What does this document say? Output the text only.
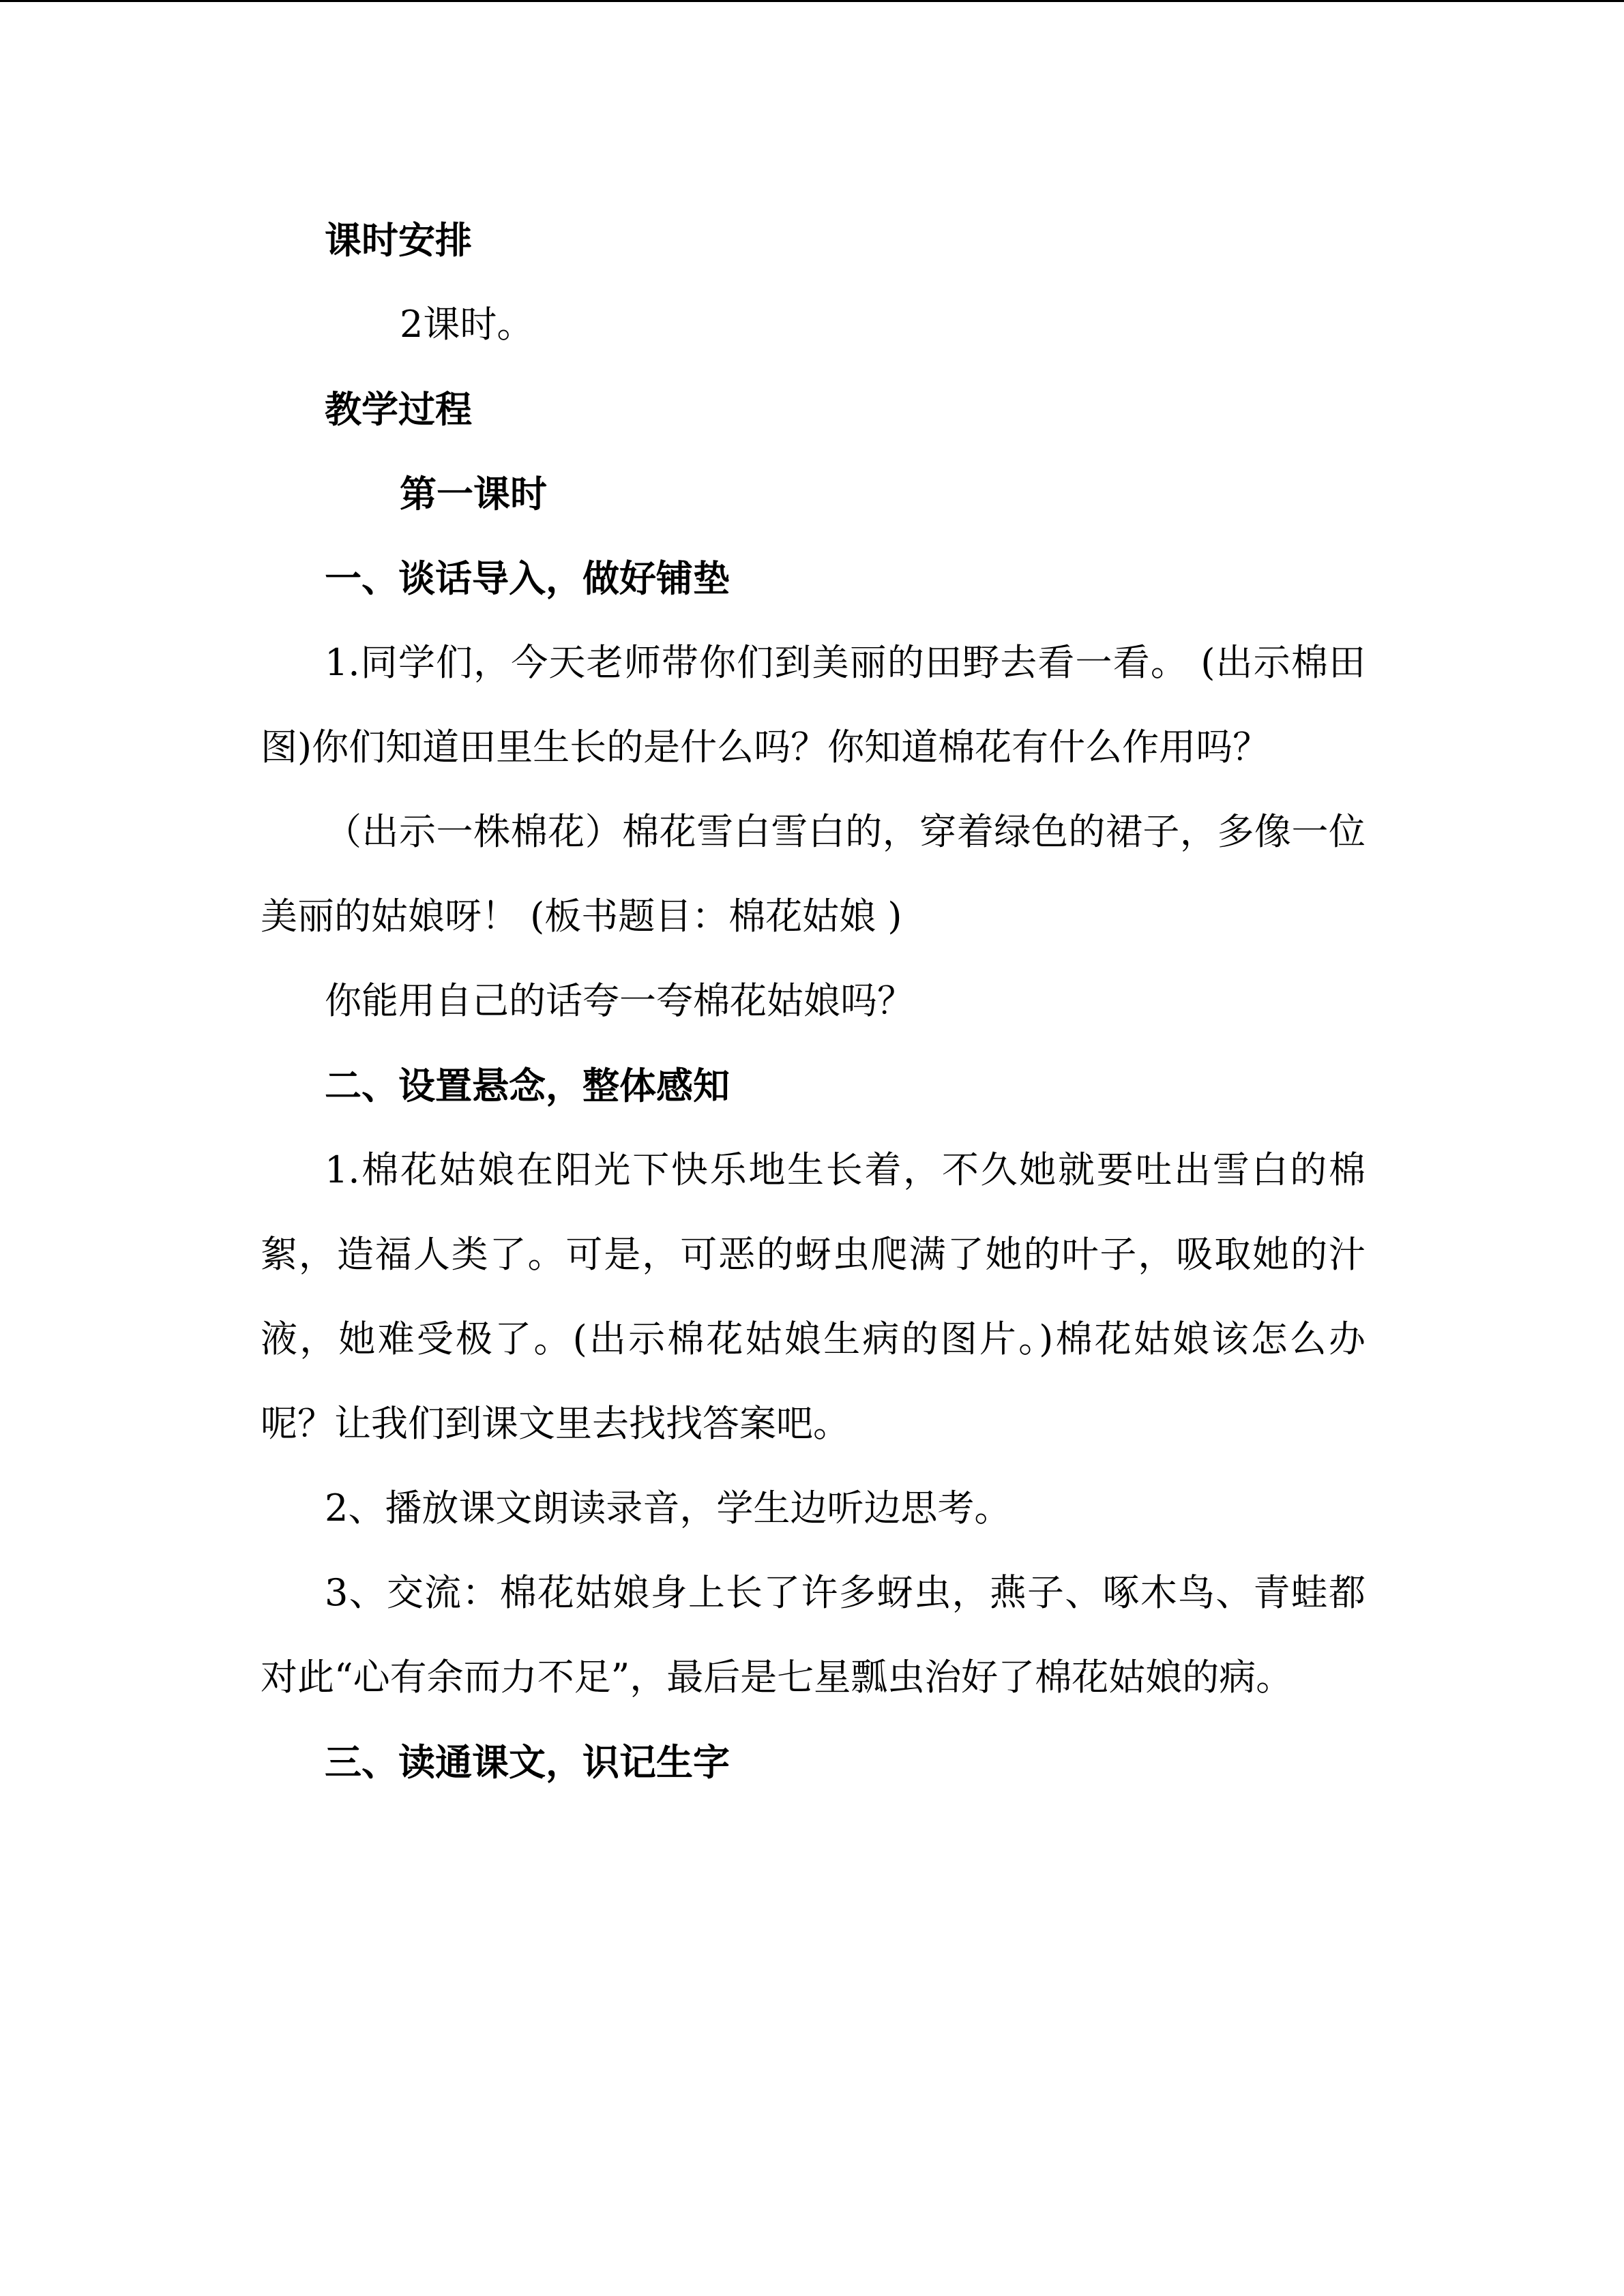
课时安排
2课时。
教学过程
第一课时
一、谈话导入，做好铺垫
1.同学们，今天老师带你们到美丽的田野去看一看。 (出示棉田图)你们知道田里生长的是什么吗？你知道棉花有什么作用吗？
（出示一株棉花）棉花雪白雪白的，穿着绿色的裙子，多像一位美丽的姑娘呀！ (板书题目：棉花姑娘 )
你能用自己的话夸一夸棉花姑娘吗？
二、设置悬念，整体感知
1.棉花姑娘在阳光下快乐地生长着，不久她就要吐出雪白的棉絮，造福人类了。可是，可恶的蚜虫爬满了她的叶子，吸取她的汁液，她难受极了。(出示棉花姑娘生病的图片。)棉花姑娘该怎么办呢？让我们到课文里去找找答案吧。
2、播放课文朗读录音，学生边听边思考。
3、交流：棉花姑娘身上长了许多蚜虫，燕子、啄木鸟、青蛙都对此“心有余而力不足”，最后是七星瓢虫治好了棉花姑娘的病。
三、读通课文，识记生字
